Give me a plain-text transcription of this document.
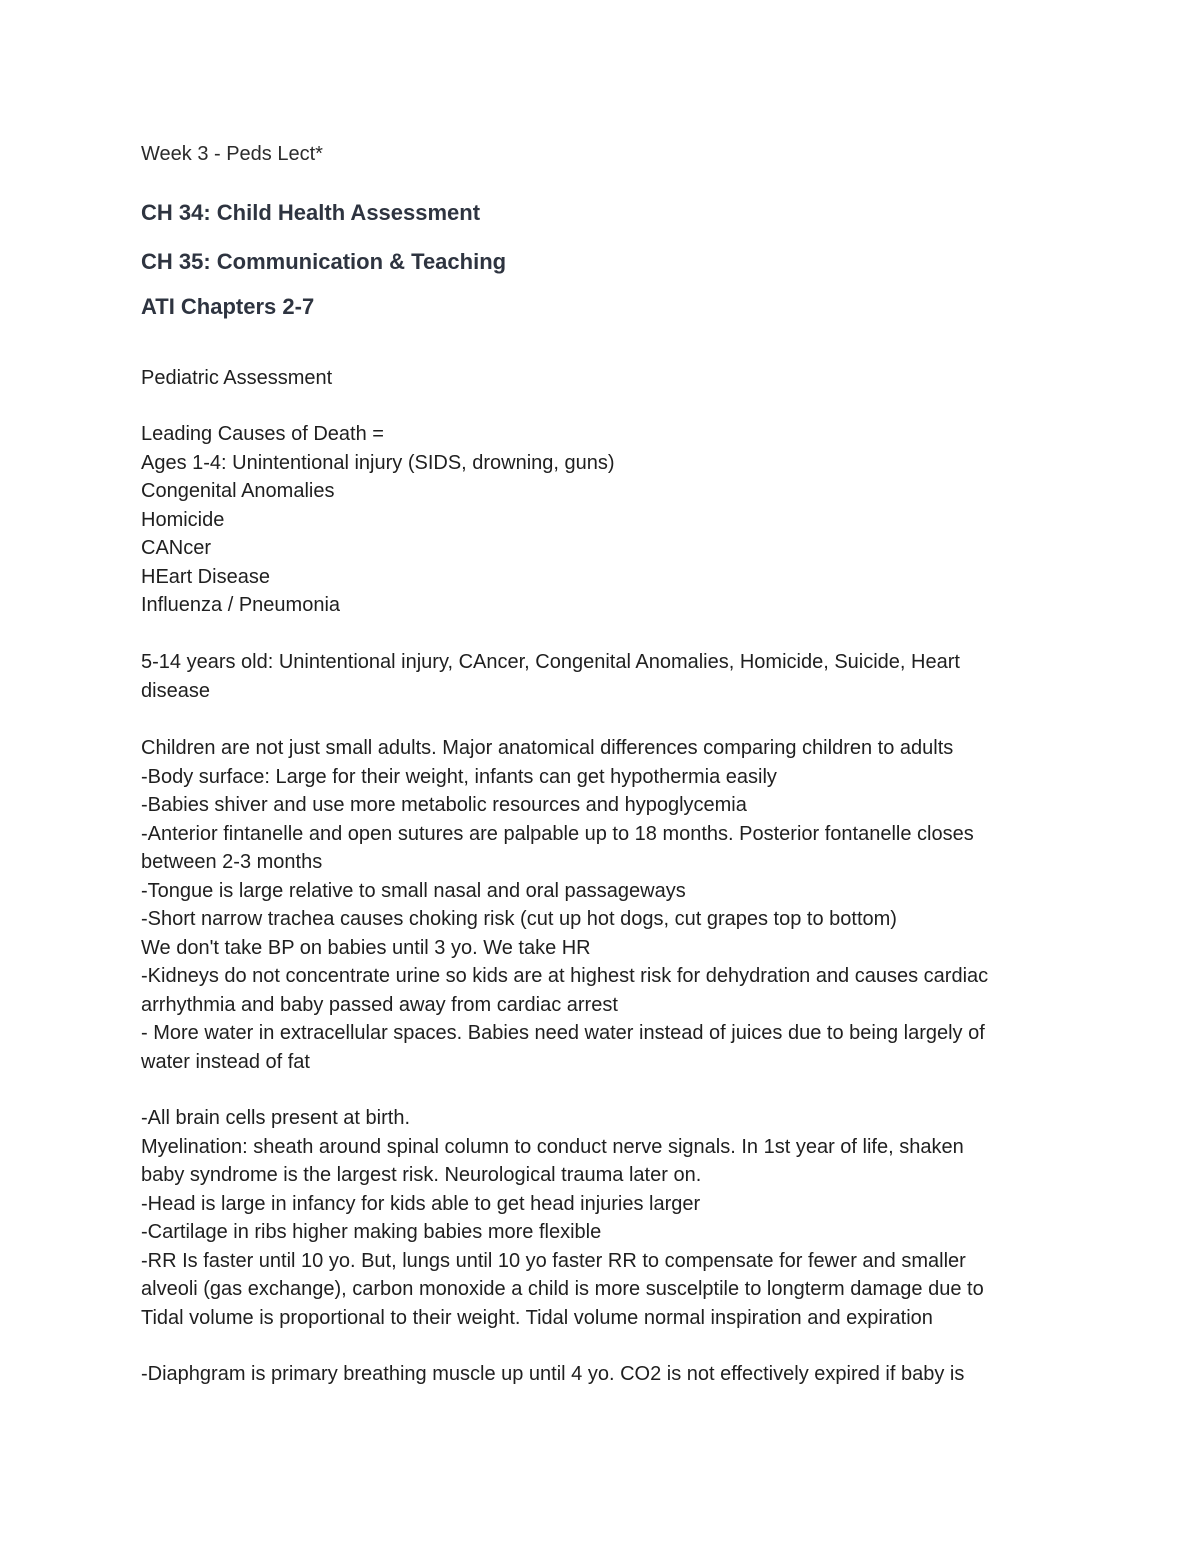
Week 3 - Peds Lect*
CH 34: Child Health Assessment
CH 35: Communication & Teaching
ATI Chapters 2-7
Pediatric Assessment
Leading Causes of Death =
Ages 1-4: Unintentional injury (SIDS, drowning, guns)
Congenital Anomalies
Homicide
CANcer
HEart Disease
Influenza / Pneumonia
5-14 years old: Unintentional injury, CAncer, Congenital Anomalies, Homicide, Suicide, Heart
disease
Children are not just small adults. Major anatomical differences comparing children to adults
-Body surface: Large for their weight, infants can get hypothermia easily
-Babies shiver and use more metabolic resources and hypoglycemia
-Anterior fintanelle and open sutures are palpable up to 18 months. Posterior fontanelle closes
between 2-3 months
-Tongue is large relative to small nasal and oral passageways
-Short narrow trachea causes choking risk (cut up hot dogs, cut grapes top to bottom)
We don't take BP on babies until 3 yo. We take HR
-Kidneys do not concentrate urine so kids are at highest risk for dehydration and causes cardiac
arrhythmia and baby passed away from cardiac arrest
- More water in extracellular spaces. Babies need water instead of juices due to being largely of
water instead of fat
-All brain cells present at birth.
Myelination: sheath around spinal column to conduct nerve signals. In 1st year of life, shaken
baby syndrome is the largest risk. Neurological trauma later on.
-Head is large in infancy for kids able to get head injuries larger
-Cartilage in ribs higher making babies more flexible
-RR Is faster until 10 yo. But, lungs until 10 yo faster RR to compensate for fewer and smaller
alveoli (gas exchange), carbon monoxide a child is more suscelptile to longterm damage due to
Tidal volume is proportional to their weight. Tidal volume normal inspiration and expiration
-Diaphgram is primary breathing muscle up until 4 yo. CO2 is not effectively expired if baby is
